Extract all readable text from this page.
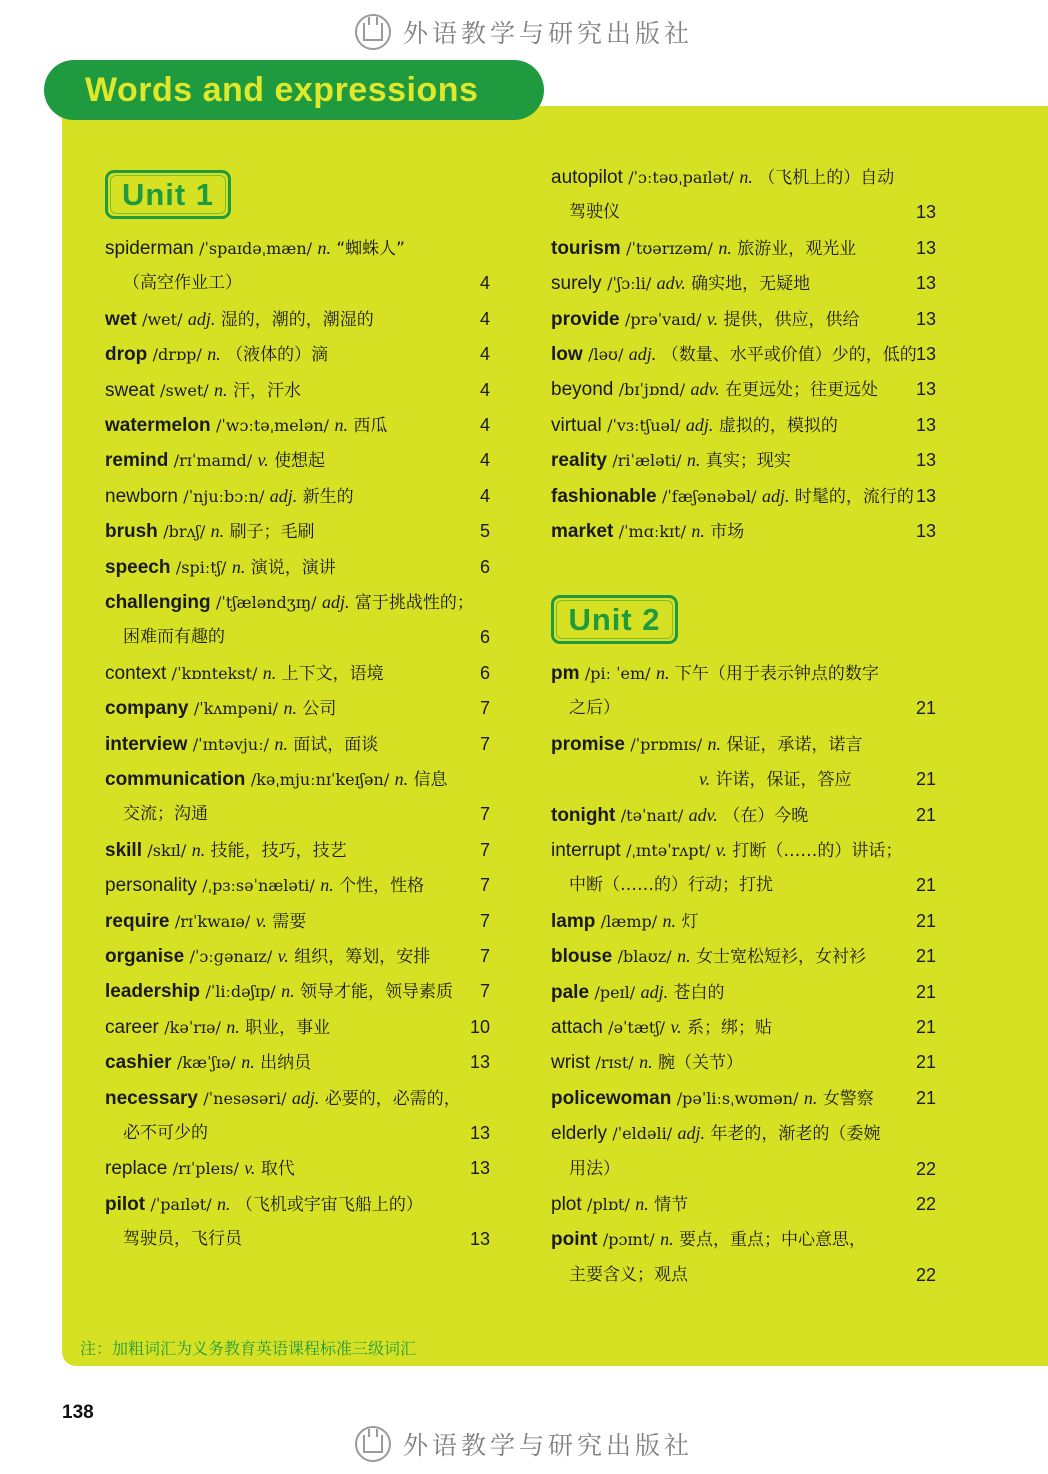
外语教学与研究出版社
Words and expressions
Unit 1
Unit 2
spiderman /ˈspaɪdəˌmæn/ n. “蜘蛛人”
（高空作业工）	4
wet /wet/ adj. 湿的，潮的，潮湿的	4
drop /drɒp/ n. （液体的）滴	4
sweat /swet/ n. 汗，汗水	4
watermelon /ˈwɔːtəˌmelən/ n. 西瓜	4
remind /rɪˈmaɪnd/ v. 使想起	4
newborn /ˈnjuːbɔːn/ adj. 新生的	4
brush /brʌʃ/ n. 刷子；毛刷	5
speech /spiːtʃ/ n. 演说，演讲	6
challenging /ˈtʃæləndʒɪŋ/ adj. 富于挑战性的；
困难而有趣的	6
context /ˈkɒntekst/ n. 上下文，语境	6
company /ˈkʌmpəni/ n. 公司	7
interview /ˈɪntəvjuː/ n. 面试，面谈	7
communication /kəˌmjuːnɪˈkeɪʃən/ n. 信息
交流；沟通	7
skill /skɪl/ n. 技能，技巧，技艺	7
personality /ˌpɜːsəˈnæləti/ n. 个性，性格	7
require /rɪˈkwaɪə/ v. 需要	7
organise /ˈɔːɡənaɪz/ v. 组织，筹划，安排	7
leadership /ˈliːdəʃɪp/ n. 领导才能，领导素质	7
career /kəˈrɪə/ n. 职业，事业	10
cashier /kæˈʃɪə/ n. 出纳员	13
necessary /ˈnesəsəri/ adj. 必要的，必需的，
必不可少的	13
replace /rɪˈpleɪs/ v. 取代	13
pilot /ˈpaɪlət/ n. （飞机或宇宙飞船上的）
驾驶员，飞行员	13
autopilot /ˈɔːtəʊˌpaɪlət/ n. （飞机上的）自动
驾驶仪	13
tourism /ˈtʊərɪzəm/ n. 旅游业，观光业	13
surely /ˈʃɔːli/ adv. 确实地，无疑地	13
provide /prəˈvaɪd/ v. 提供，供应，供给	13
low /ləʊ/ adj. （数量、水平或价值）少的，低的 13
beyond /bɪˈjɒnd/ adv. 在更远处；往更远处	13
virtual /ˈvɜːtʃuəl/ adj. 虚拟的，模拟的	13
reality /riˈæləti/ n. 真实；现实	13
fashionable /ˈfæʃənəbəl/ adj. 时髦的，流行的 13
market /ˈmɑːkɪt/ n. 市场	13
pm /piː ˈem/ n. 下午（用于表示钟点的数字
之后）	21
promise /ˈprɒmɪs/ n. 保证，承诺，诺言
v. 许诺，保证，答应	21
tonight /təˈnaɪt/ adv. （在）今晚	21
interrupt /ˌɪntəˈrʌpt/ v. 打断（……的）讲话；
中断（……的）行动；打扰	21
lamp /læmp/ n. 灯	21
blouse /blaʊz/ n. 女士宽松短衫，女衬衫	21
pale /peɪl/ adj. 苍白的	21
attach /əˈtætʃ/ v. 系；绑；贴	21
wrist /rɪst/ n. 腕（关节）	21
policewoman /pəˈliːsˌwʊmən/ n. 女警察	21
elderly /ˈeldəli/ adj. 年老的，渐老的（委婉
用法）	22
plot /plɒt/ n. 情节	22
point /pɔɪnt/ n. 要点，重点；中心意思，
主要含义；观点	22
注：加粗词汇为义务教育英语课程标准三级词汇
138
外语教学与研究出版社
